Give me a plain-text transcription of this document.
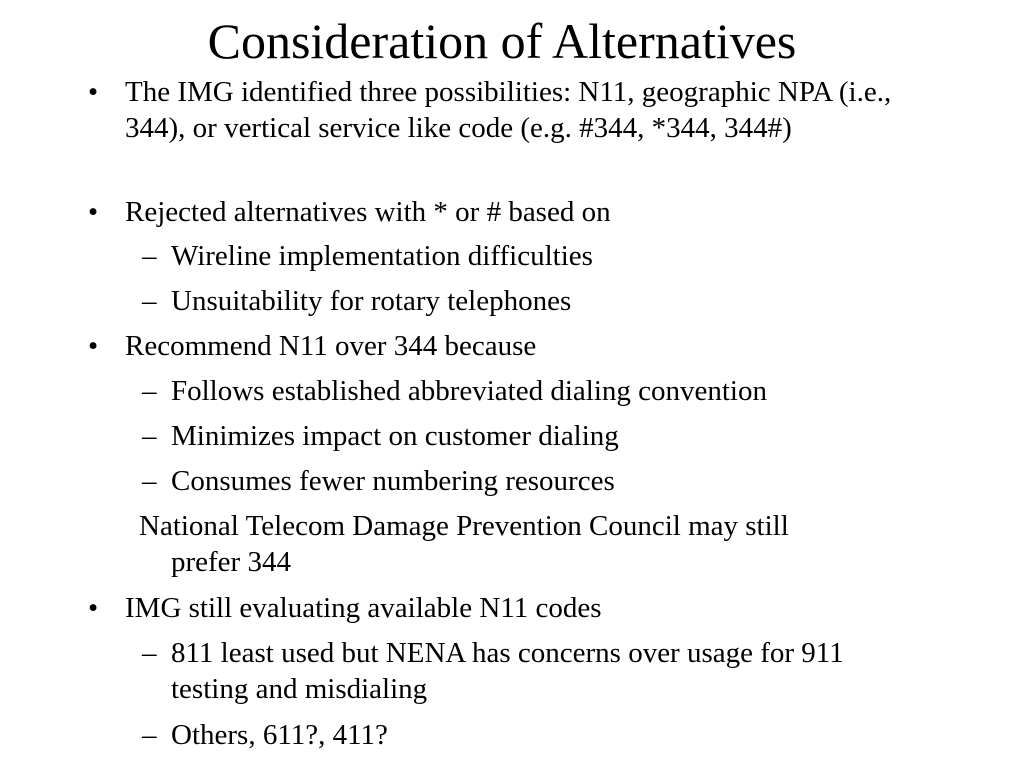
Consideration of Alternatives

• The IMG identified three possibilities: N11, geographic NPA (i.e., 344), or vertical service like code (e.g. #344, *344, 344#)

• Rejected alternatives with * or # based on

– Wireline implementation difficulties

– Unsuitability for rotary telephones

• Recommend N11 over 344 because

– Follows established abbreviated dialing convention

– Minimizes impact on customer dialing

– Consumes fewer numbering resources

National Telecom Damage Prevention Council may still
prefer 344

• IMG still evaluating available N11 codes

– 811 least used but NENA has concerns over usage for 911 testing and misdialing

– Others, 611?, 411?
